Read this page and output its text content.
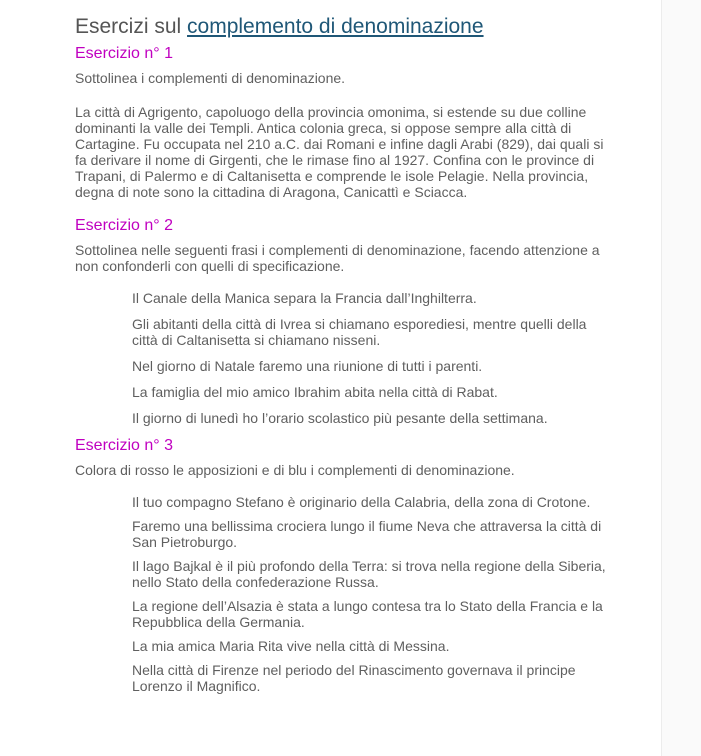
Esercizi sul complemento di denominazione
Esercizio n° 1

Sottolinea i complementi di denominazione.

La città di Agrigento, capoluogo della provincia omonima, si estende su due colline dominanti la valle dei Templi. Antica colonia greca, si oppose sempre alla città di Cartagine. Fu occupata nel 210 a.C. dai Romani e infine dagli Arabi (829), dai quali si fa derivare il nome di Girgenti, che le rimase fino al 1927. Confina con le province di Trapani, di Palermo e di Caltanisetta e comprende le isole Pelagie. Nella provincia, degna di note sono la cittadina di Aragona, Canicattì e Sciacca.

Esercizio n° 2

Sottolinea nelle seguenti frasi i complementi di denominazione, facendo attenzione a non confonderli con quelli di specificazione.

Il Canale della Manica separa la Francia dall’Inghilterra.
Gli abitanti della città di Ivrea si chiamano esporediesi, mentre quelli della città di Caltanisetta si chiamano nisseni.
Nel giorno di Natale faremo una riunione di tutti i parenti.
La famiglia del mio amico Ibrahim abita nella città di Rabat.
Il giorno di lunedì ho l’orario scolastico più pesante della settimana.
Esercizio n° 3

Colora di rosso le apposizioni e di blu i complementi di denominazione.

Il tuo compagno Stefano è originario della Calabria, della zona di Crotone.
Faremo una bellissima crociera lungo il fiume Neva che attraversa la città di San Pietroburgo.
Il lago Bajkal è il più profondo della Terra: si trova nella regione della Siberia, nello Stato della confederazione Russa.
La regione dell’Alsazia è stata a lungo contesa tra lo Stato della Francia e la Repubblica della Germania.
La mia amica Maria Rita vive nella città di Messina.
Nella città di Firenze nel periodo del Rinascimento governava il principe Lorenzo il Magnifico.
